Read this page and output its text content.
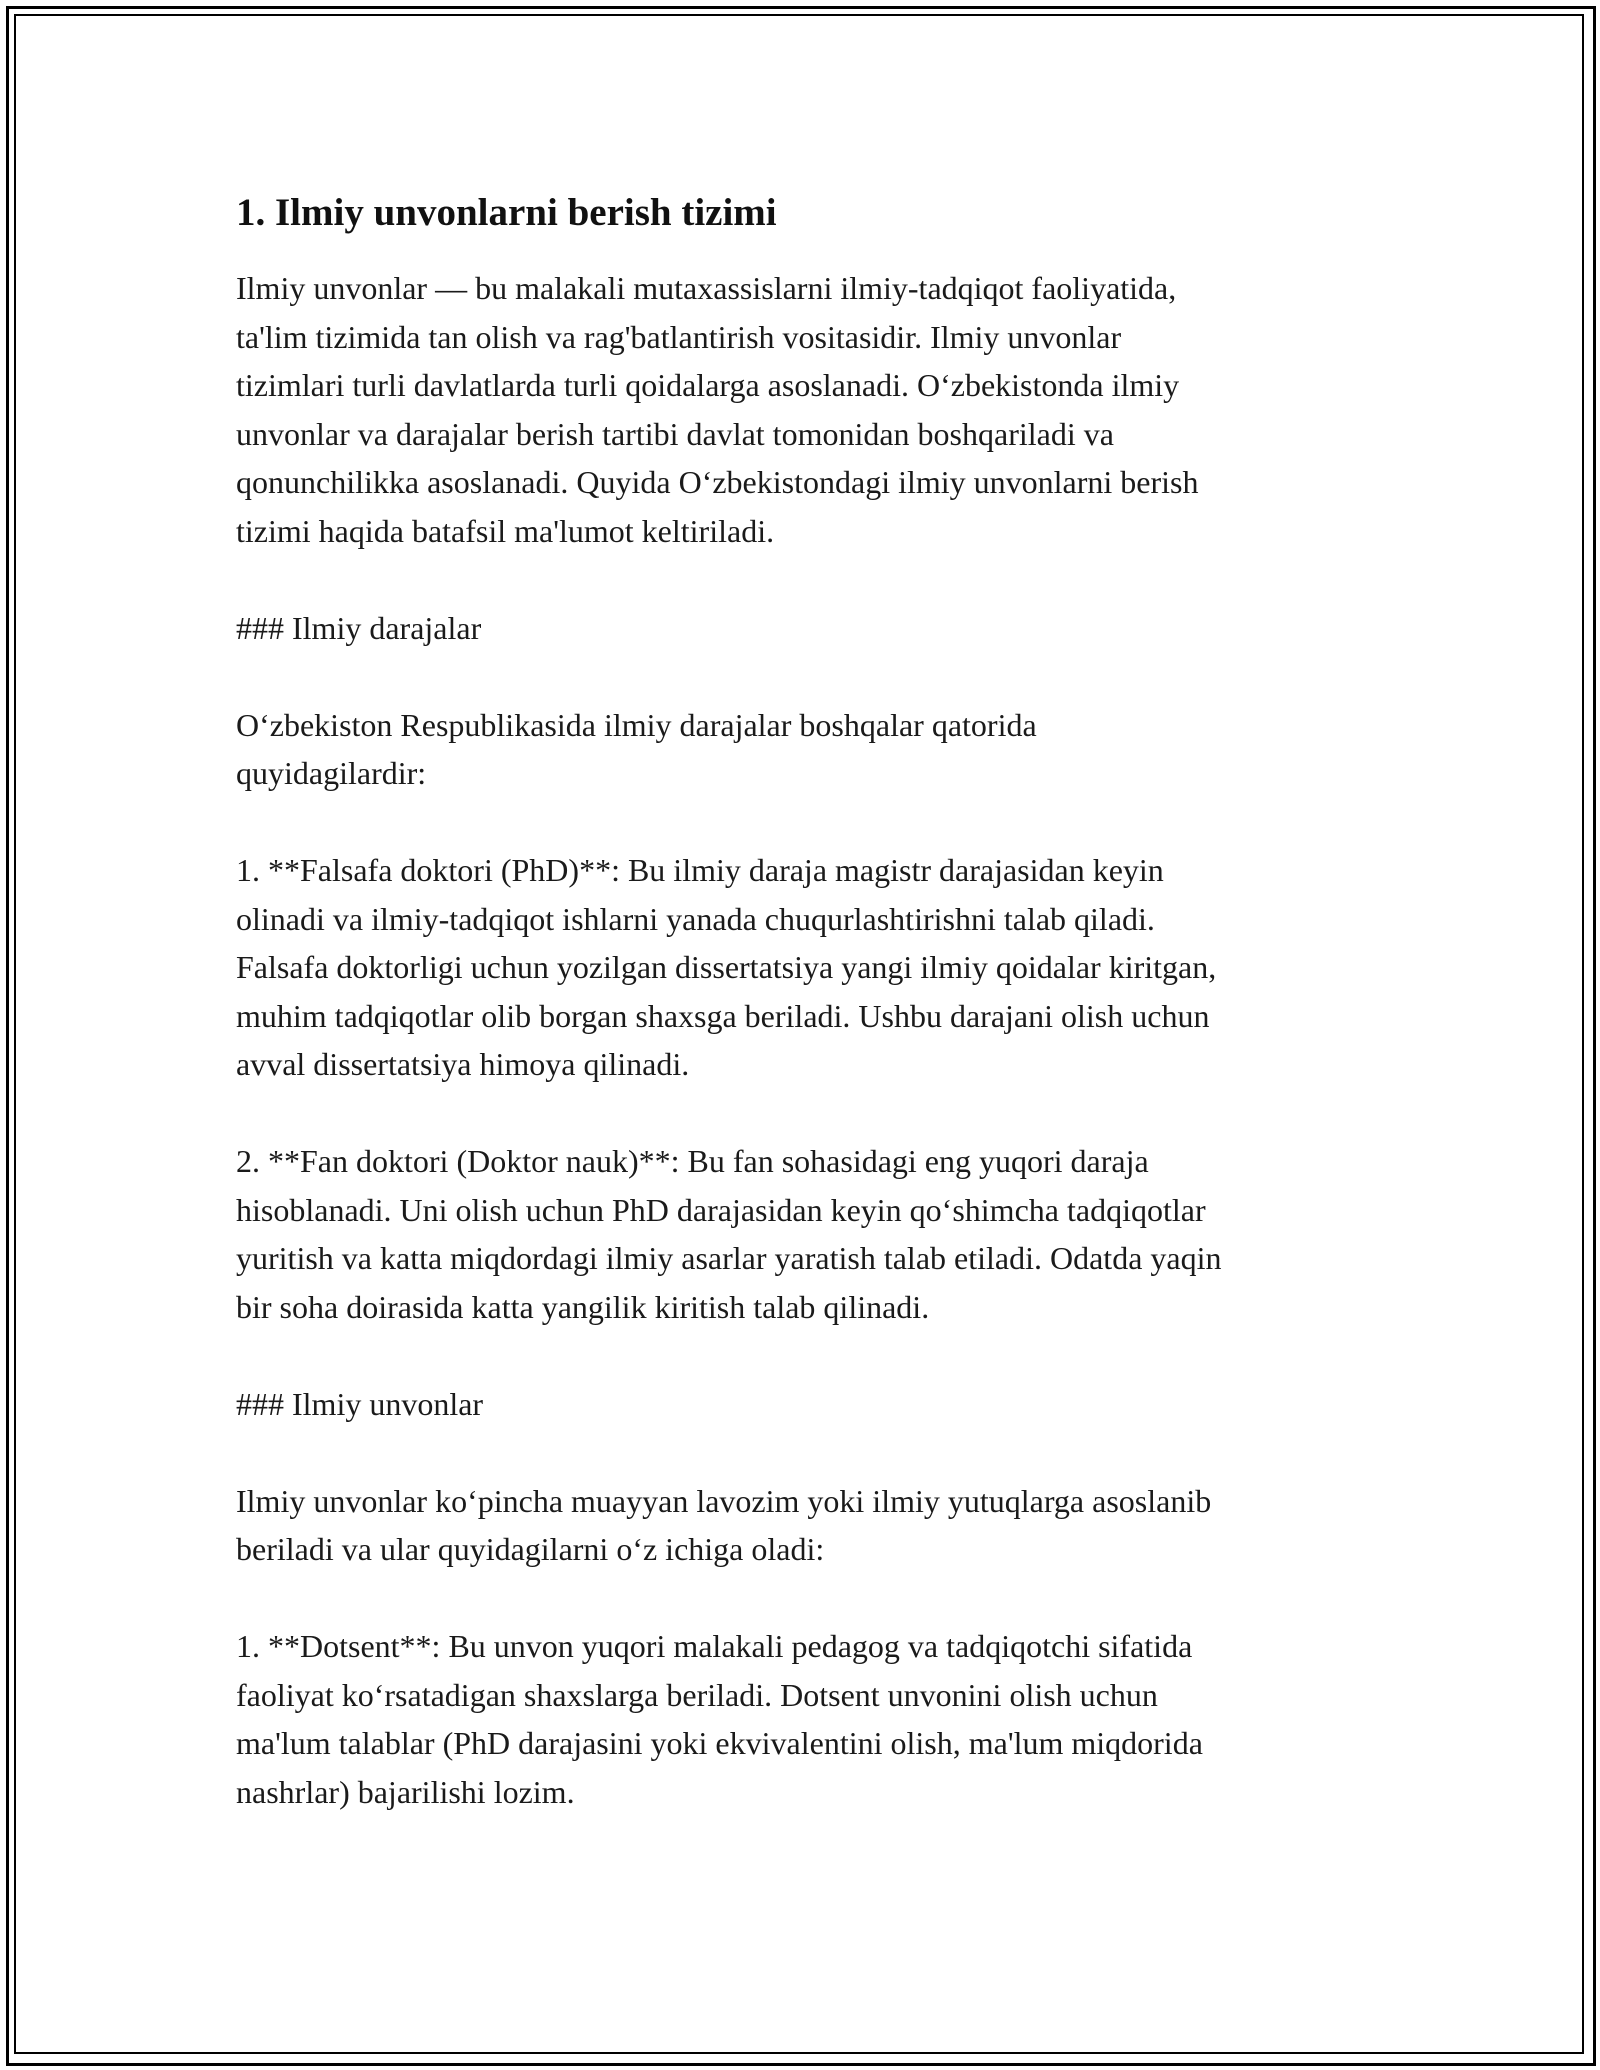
1. Ilmiy unvonlarni berish tizimi

Ilmiy unvonlar — bu malakali mutaxassislarni ilmiy-tadqiqot faoliyatida,
ta'lim tizimida tan olish va rag'batlantirish vositasidir. Ilmiy unvonlar
tizimlari turli davlatlarda turli qoidalarga asoslanadi. O‘zbekistonda ilmiy
unvonlar va darajalar berish tartibi davlat tomonidan boshqariladi va
qonunchilikka asoslanadi. Quyida O‘zbekistondagi ilmiy unvonlarni berish
tizimi haqida batafsil ma'lumot keltiriladi.

### Ilmiy darajalar

O‘zbekiston Respublikasida ilmiy darajalar boshqalar qatorida
quyidagilardir:

1. **Falsafa doktori (PhD)**: Bu ilmiy daraja magistr darajasidan keyin
olinadi va ilmiy-tadqiqot ishlarni yanada chuqurlashtirishni talab qiladi.
Falsafa doktorligi uchun yozilgan dissertatsiya yangi ilmiy qoidalar kiritgan,
muhim tadqiqotlar olib borgan shaxsga beriladi. Ushbu darajani olish uchun
avval dissertatsiya himoya qilinadi.

2. **Fan doktori (Doktor nauk)**: Bu fan sohasidagi eng yuqori daraja
hisoblanadi. Uni olish uchun PhD darajasidan keyin qo‘shimcha tadqiqotlar
yuritish va katta miqdordagi ilmiy asarlar yaratish talab etiladi. Odatda yaqin
bir soha doirasida katta yangilik kiritish talab qilinadi.

### Ilmiy unvonlar

Ilmiy unvonlar ko‘pincha muayyan lavozim yoki ilmiy yutuqlarga asoslanib
beriladi va ular quyidagilarni o‘z ichiga oladi:

1. **Dotsent**: Bu unvon yuqori malakali pedagog va tadqiqotchi sifatida
faoliyat ko‘rsatadigan shaxslarga beriladi. Dotsent unvonini olish uchun
ma'lum talablar (PhD darajasini yoki ekvivalentini olish, ma'lum miqdorida
nashrlar) bajarilishi lozim.
